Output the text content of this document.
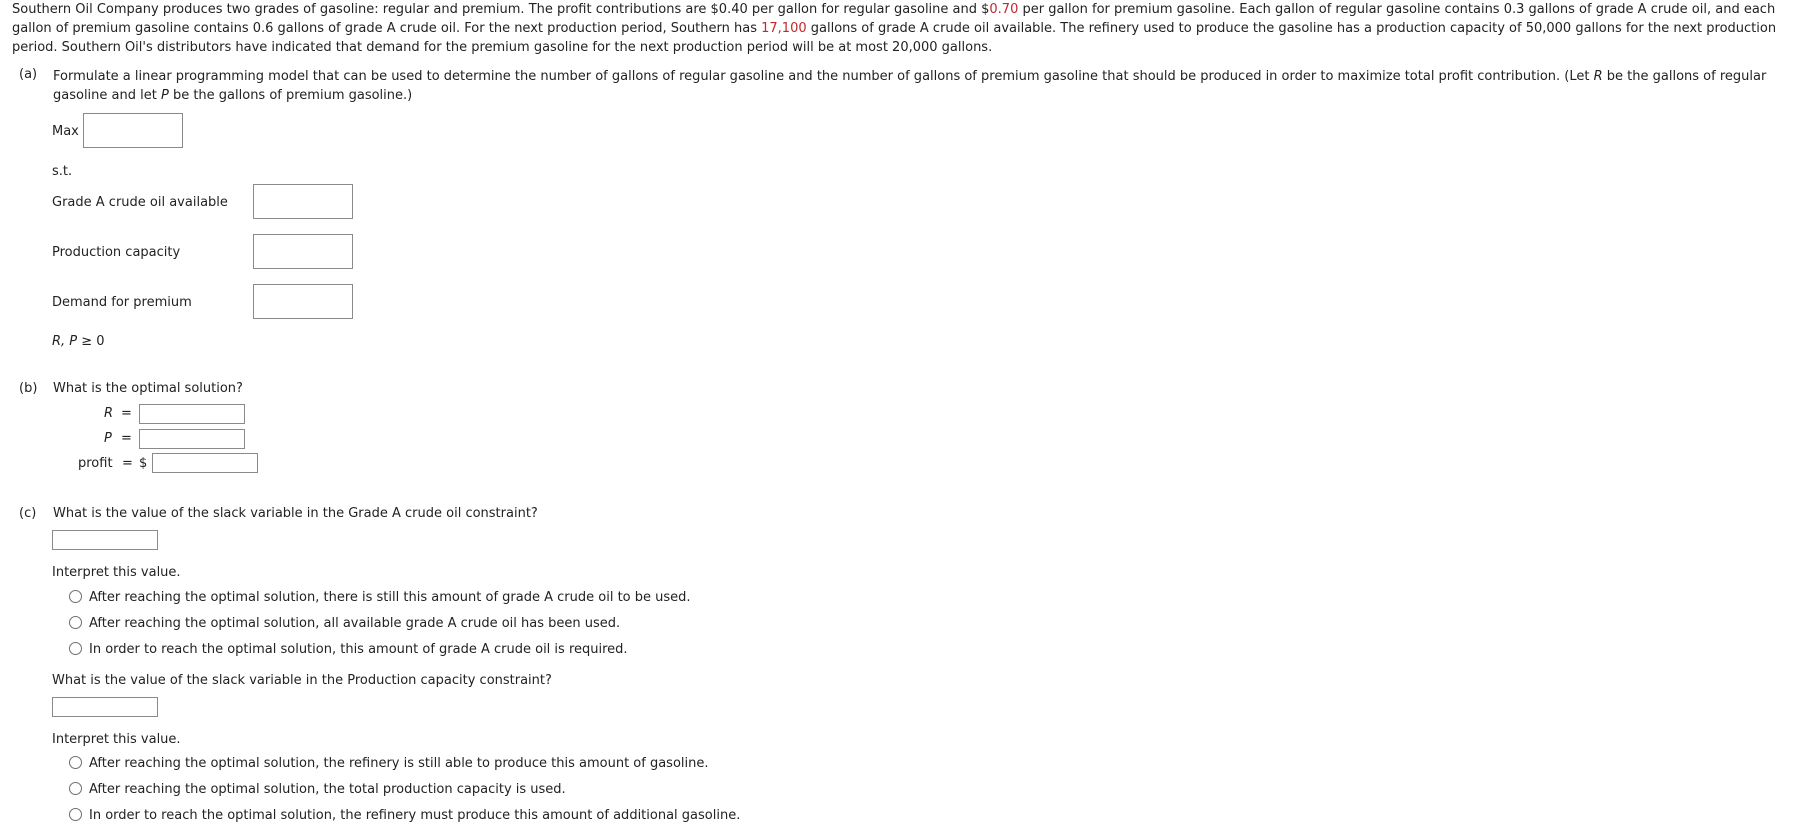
Southern Oil Company produces two grades of gasoline: regular and premium. The profit contributions are $0.40 per gallon for regular gasoline and $0.70 per gallon for premium gasoline. Each gallon of regular gasoline contains 0.3 gallons of grade A crude oil, and each gallon of premium gasoline contains 0.6 gallons of grade A crude oil. For the next production period, Southern has 17,100 gallons of grade A crude oil available. The refinery used to produce the gasoline has a production capacity of 50,000 gallons for the next production period. Southern Oil's distributors have indicated that demand for the premium gasoline for the next production period will be at most 20,000 gallons.
(a) Formulate a linear programming model that can be used to determine the number of gallons of regular gasoline and the number of gallons of premium gasoline that should be produced in order to maximize total profit contribution. (Let R be the gallons of regular gasoline and let P be the gallons of premium gasoline.)
Max
s.t.
Grade A crude oil available
Production capacity
Demand for premium
R, P ≥ 0
(b) What is the optimal solution?
R =
P =
profit = $
(c) What is the value of the slack variable in the Grade A crude oil constraint?
Interpret this value.
After reaching the optimal solution, there is still this amount of grade A crude oil to be used.
After reaching the optimal solution, all available grade A crude oil has been used.
In order to reach the optimal solution, this amount of grade A crude oil is required.
What is the value of the slack variable in the Production capacity constraint?
Interpret this value.
After reaching the optimal solution, the refinery is still able to produce this amount of gasoline.
After reaching the optimal solution, the total production capacity is used.
In order to reach the optimal solution, the refinery must produce this amount of additional gasoline.
